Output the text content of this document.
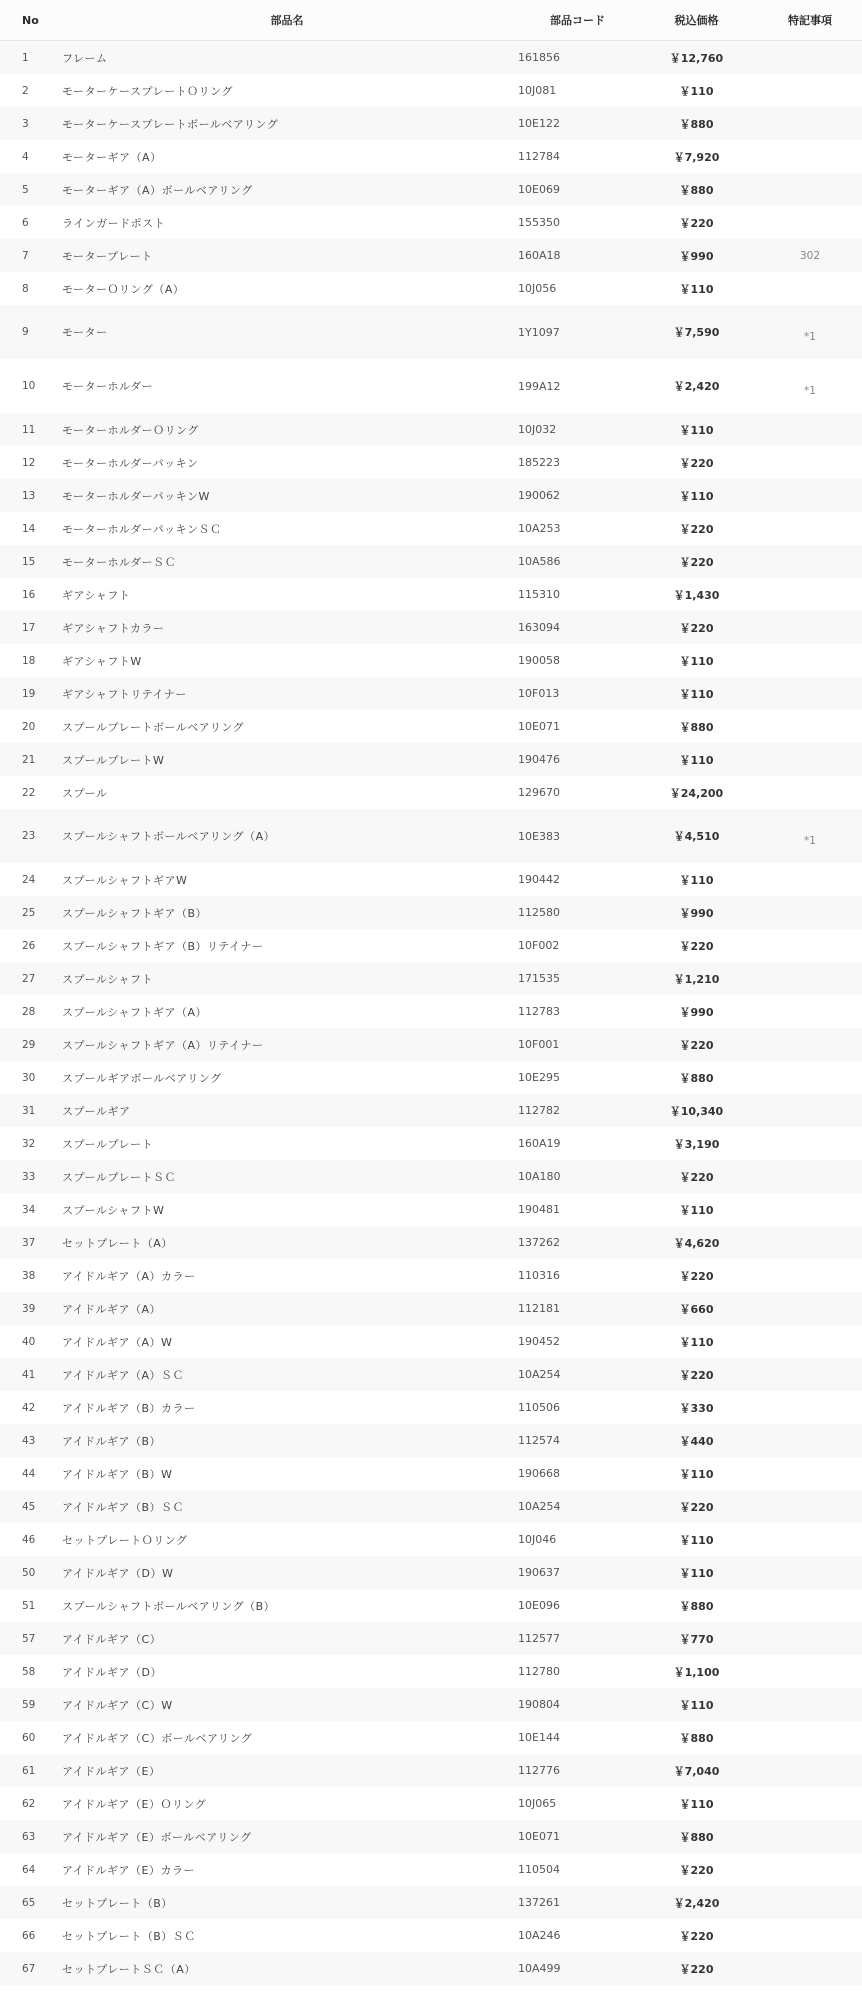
No	部品名	部品コード	税込価格	特記事項
1	フレーム	161856	￥12,760	
2	モーターケースプレートＯリング	10J081	￥110	
3	モーターケースプレートボールベアリング	10E122	￥880	
4	モーターギア（A）	112784	￥7,920	
5	モーターギア（A）ボールベアリング	10E069	￥880	
6	ラインガードポスト	155350	￥220	
7	モータープレート	160A18	￥990	302
8	モーターＯリング（A）	10J056	￥110	
9	モーター	1Y1097	￥7,590	*1
10	モーターホルダー	199A12	￥2,420	*1
11	モーターホルダーＯリング	10J032	￥110	
12	モーターホルダーパッキン	185223	￥220	
13	モーターホルダーパッキンW	190062	￥110	
14	モーターホルダーパッキンＳＣ	10A253	￥220	
15	モーターホルダーＳＣ	10A586	￥220	
16	ギアシャフト	115310	￥1,430	
17	ギアシャフトカラー	163094	￥220	
18	ギアシャフトW	190058	￥110	
19	ギアシャフトリテイナー	10F013	￥110	
20	スプールプレートボールベアリング	10E071	￥880	
21	スプールプレートW	190476	￥110	
22	スプール	129670	￥24,200	
23	スプールシャフトボールベアリング（A）	10E383	￥4,510	*1
24	スプールシャフトギアW	190442	￥110	
25	スプールシャフトギア（B）	112580	￥990	
26	スプールシャフトギア（B）リテイナー	10F002	￥220	
27	スプールシャフト	171535	￥1,210	
28	スプールシャフトギア（A）	112783	￥990	
29	スプールシャフトギア（A）リテイナー	10F001	￥220	
30	スプールギアボールベアリング	10E295	￥880	
31	スプールギア	112782	￥10,340	
32	スプールプレート	160A19	￥3,190	
33	スプールプレートＳＣ	10A180	￥220	
34	スプールシャフトW	190481	￥110	
37	セットプレート（A）	137262	￥4,620	
38	アイドルギア（A）カラー	110316	￥220	
39	アイドルギア（A）	112181	￥660	
40	アイドルギア（A）W	190452	￥110	
41	アイドルギア（A）ＳＣ	10A254	￥220	
42	アイドルギア（B）カラー	110506	￥330	
43	アイドルギア（B）	112574	￥440	
44	アイドルギア（B）W	190668	￥110	
45	アイドルギア（B）ＳＣ	10A254	￥220	
46	セットプレートＯリング	10J046	￥110	
50	アイドルギア（D）W	190637	￥110	
51	スプールシャフトボールベアリング（B）	10E096	￥880	
57	アイドルギア（C）	112577	￥770	
58	アイドルギア（D）	112780	￥1,100	
59	アイドルギア（C）W	190804	￥110	
60	アイドルギア（C）ボールベアリング	10E144	￥880	
61	アイドルギア（E）	112776	￥7,040	
62	アイドルギア（E）Ｏリング	10J065	￥110	
63	アイドルギア（E）ボールベアリング	10E071	￥880	
64	アイドルギア（E）カラー	110504	￥220	
65	セットプレート（B）	137261	￥2,420	
66	セットプレート（B）ＳＣ	10A246	￥220	
67	セットプレートＳＣ（A）	10A499	￥220	
